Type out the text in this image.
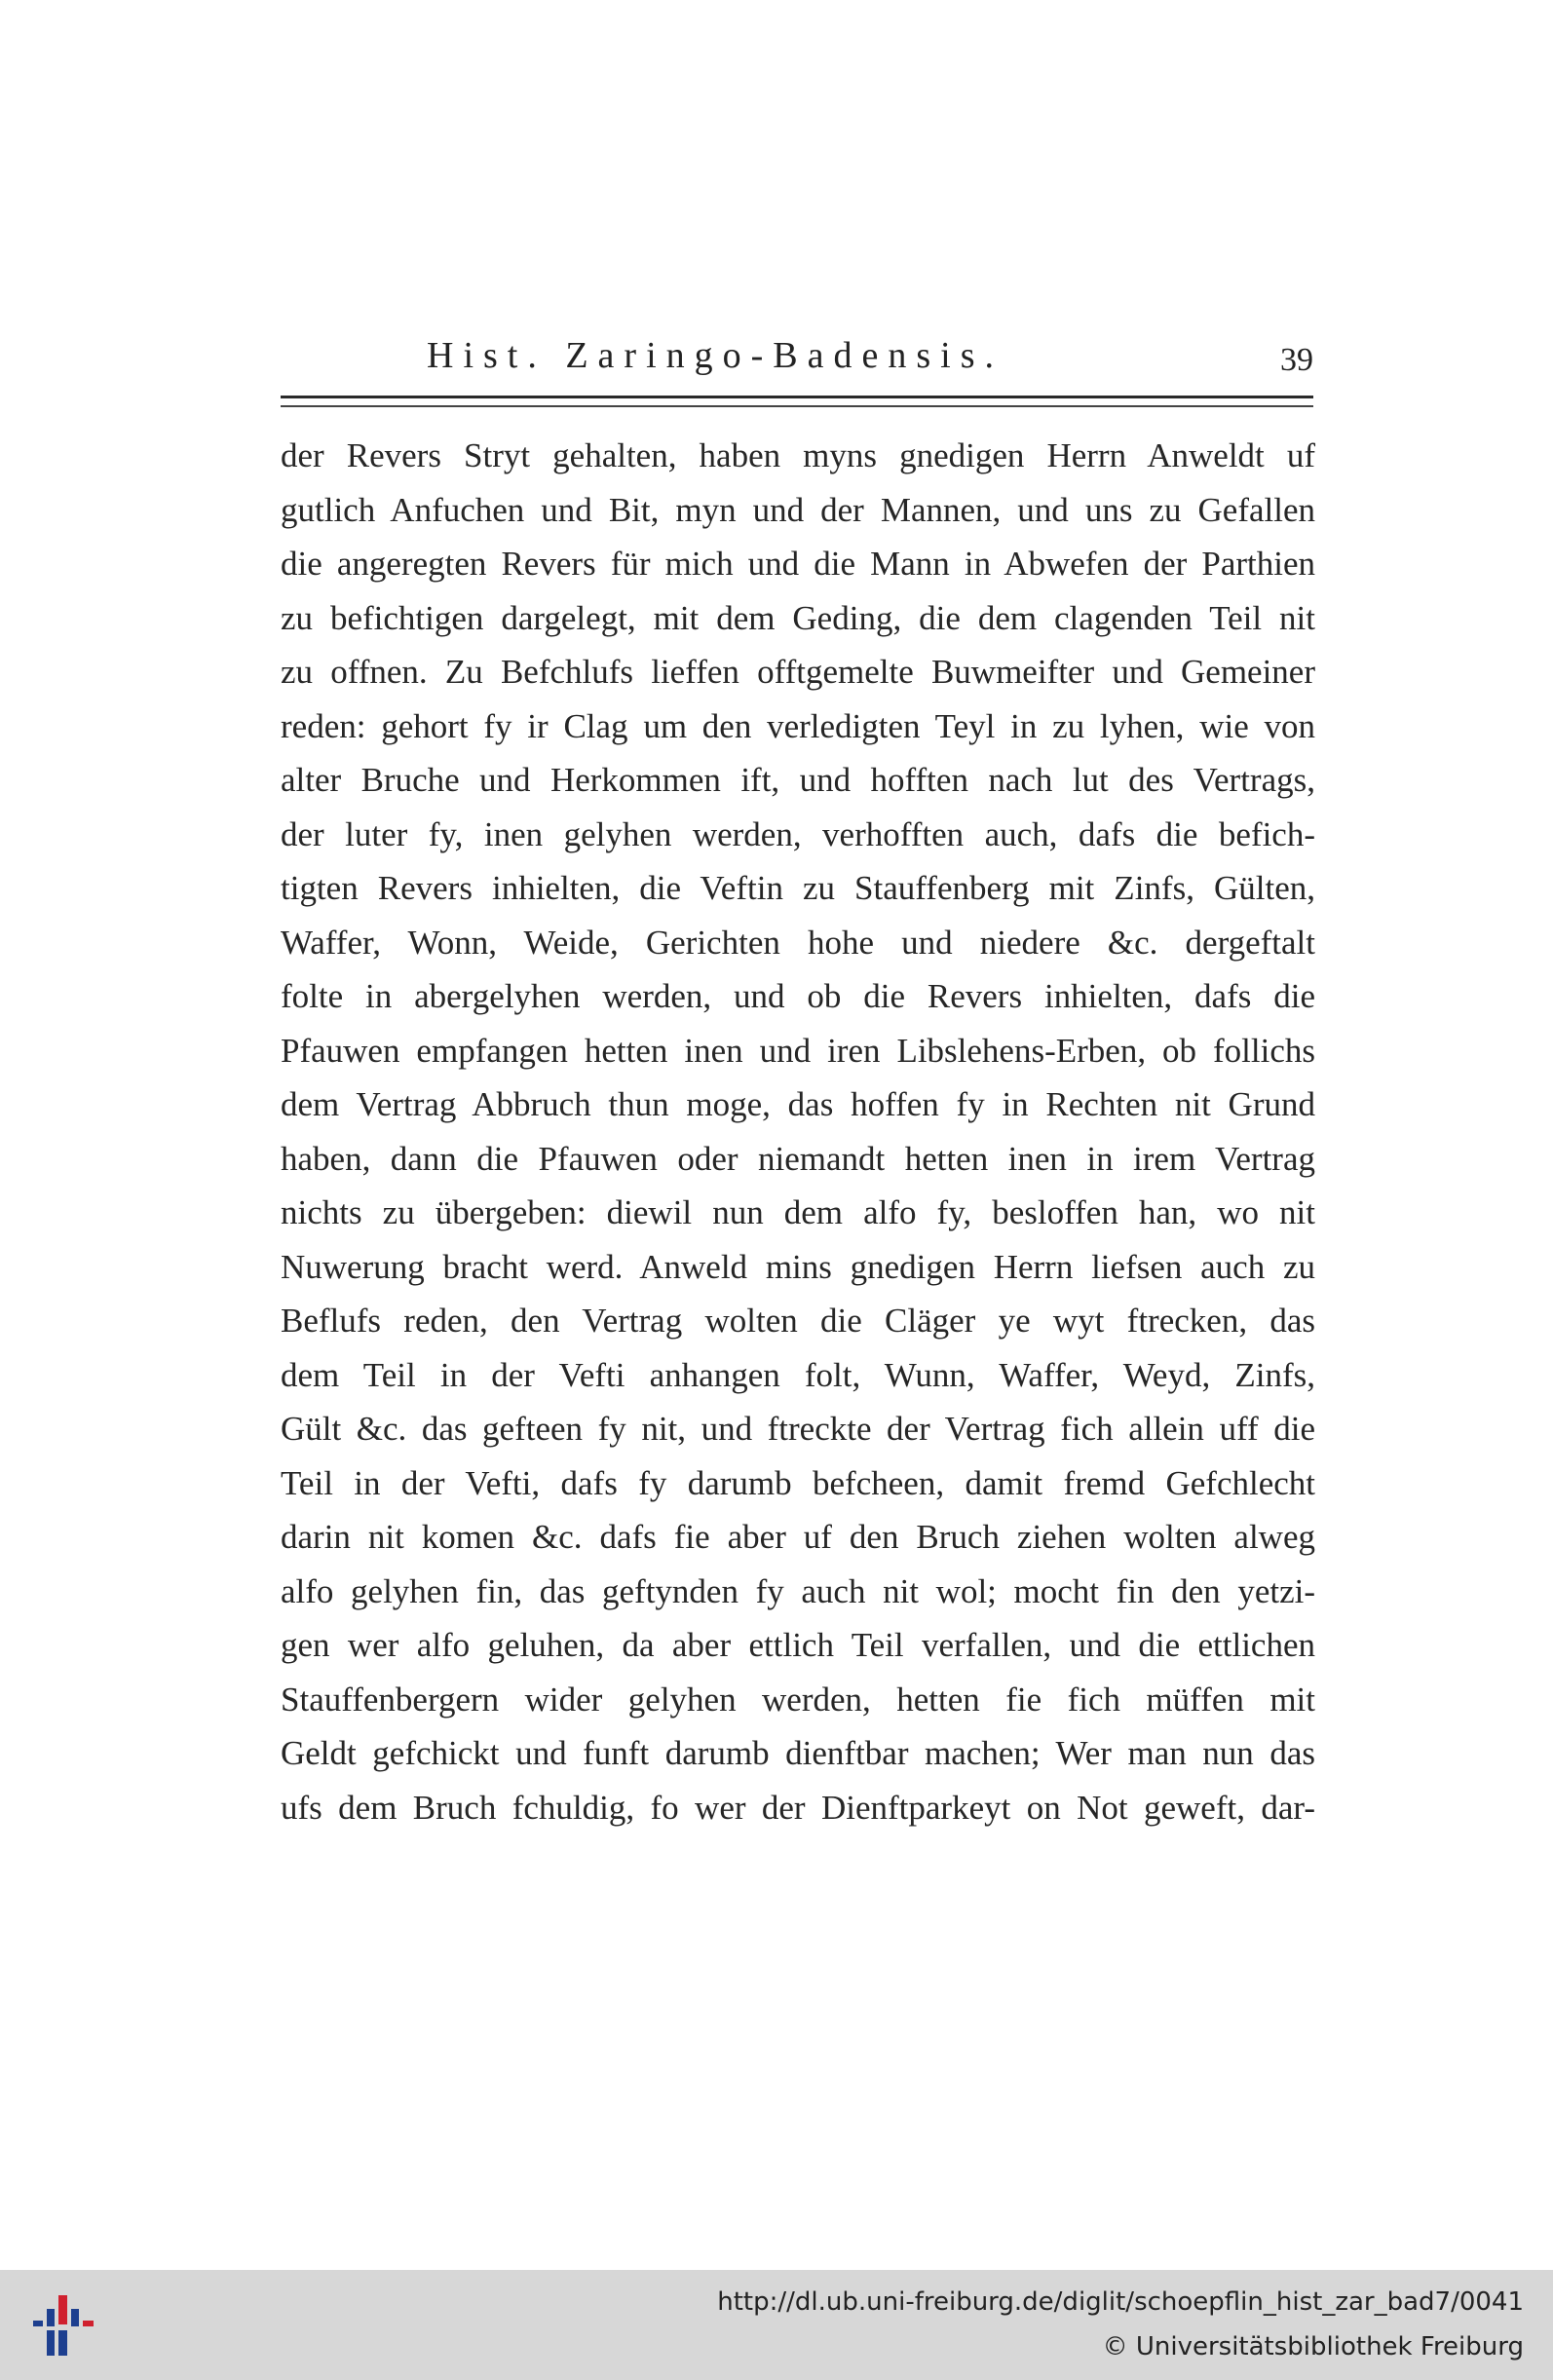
Hist. Zaringo-Badensis.	39
der Revers Stryt gehalten, haben myns gnedigen Herrn Anweldt uf
gutlich Anfuchen und Bit, myn und der Mannen, und uns zu Gefallen
die angeregten Revers für mich und die Mann in Abwefen der Parthien
zu befichtigen dargelegt, mit dem Geding, die dem clagenden Teil nit
zu offnen. Zu Befchlufs lieffen offtgemelte Buwmeifter und Gemeiner
reden: gehort fy ir Clag um den verledigten Teyl in zu lyhen, wie von
alter Bruche und Herkommen ift, und hofften nach lut des Vertrags,
der luter fy, inen gelyhen werden, verhofften auch, dafs die befich-
tigten Revers inhielten, die Veftin zu Stauffenberg mit Zinfs, Gülten,
Waffer, Wonn, Weide, Gerichten hohe und niedere &c. dergeftalt
folte in abergelyhen werden, und ob die Revers inhielten, dafs die
Pfauwen empfangen hetten inen und iren Libslehens-Erben, ob follichs
dem Vertrag Abbruch thun moge, das hoffen fy in Rechten nit Grund
haben, dann die Pfauwen oder niemandt hetten inen in irem Vertrag
nichts zu übergeben: diewil nun dem alfo fy, besloffen han, wo nit
Nuwerung bracht werd. Anweld mins gnedigen Herrn liefsen auch zu
Beflufs reden, den Vertrag wolten die Cläger ye wyt ftrecken, das
dem Teil in der Vefti anhangen folt, Wunn, Waffer, Weyd, Zinfs,
Gült &c. das gefteen fy nit, und ftreckte der Vertrag fich allein uff die
Teil in der Vefti, dafs fy darumb befcheen, damit fremd Gefchlecht
darin nit komen &c. dafs fie aber uf den Bruch ziehen wolten alweg
alfo gelyhen fin, das geftynden fy auch nit wol; mocht fin den yetzi-
gen wer alfo geluhen, da aber ettlich Teil verfallen, und die ettlichen
Stauffenbergern wider gelyhen werden, hetten fie fich müffen mit
Geldt gefchickt und funft darumb dienftbar machen; Wer man nun das
ufs dem Bruch fchuldig, fo wer der Dienftparkeyt on Not geweft, dar-
http://dl.ub.uni-freiburg.de/diglit/schoepflin_hist_zar_bad7/0041
© Universitätsbibliothek Freiburg
